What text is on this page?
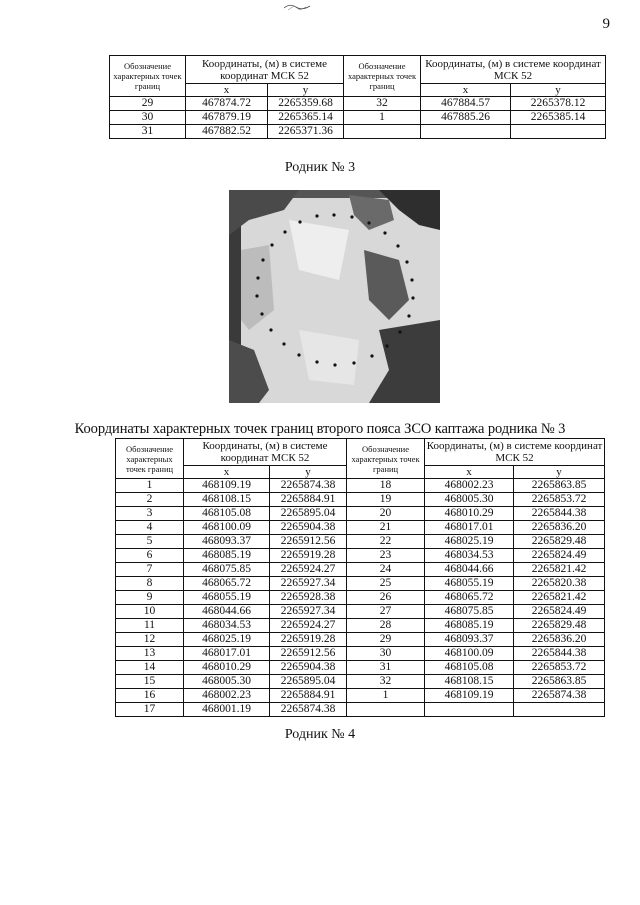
9
Обозначение характерных точек границ	Координаты, (м) в системе координат МСК 52		Обозначение характерных точек границ	Координаты, (м) в системе координат МСК 52	
	х	у		х	у
29	467874.72	2265359.68	32	467884.57	2265378.12
30	467879.19	2265365.14	1	467885.26	2265385.14
31	467882.52	2265371.36			
Родник № 3
Координаты характерных точек границ второго пояса ЗСО каптажа родника № 3
Обозначение характерных точек границ	Координаты, (м) в системе координат МСК 52		Обозначение характерных точек границ	Координаты, (м) в системе координат МСК 52	
	х	у		х	у
1	468109.19	2265874.38	18	468002.23	2265863.85
2	468108.15	2265884.91	19	468005.30	2265853.72
3	468105.08	2265895.04	20	468010.29	2265844.38
4	468100.09	2265904.38	21	468017.01	2265836.20
5	468093.37	2265912.56	22	468025.19	2265829.48
6	468085.19	2265919.28	23	468034.53	2265824.49
7	468075.85	2265924.27	24	468044.66	2265821.42
8	468065.72	2265927.34	25	468055.19	2265820.38
9	468055.19	2265928.38	26	468065.72	2265821.42
10	468044.66	2265927.34	27	468075.85	2265824.49
11	468034.53	2265924.27	28	468085.19	2265829.48
12	468025.19	2265919.28	29	468093.37	2265836.20
13	468017.01	2265912.56	30	468100.09	2265844.38
14	468010.29	2265904.38	31	468105.08	2265853.72
15	468005.30	2265895.04	32	468108.15	2265863.85
16	468002.23	2265884.91	1	468109.19	2265874.38
17	468001.19	2265874.38			
Родник № 4
